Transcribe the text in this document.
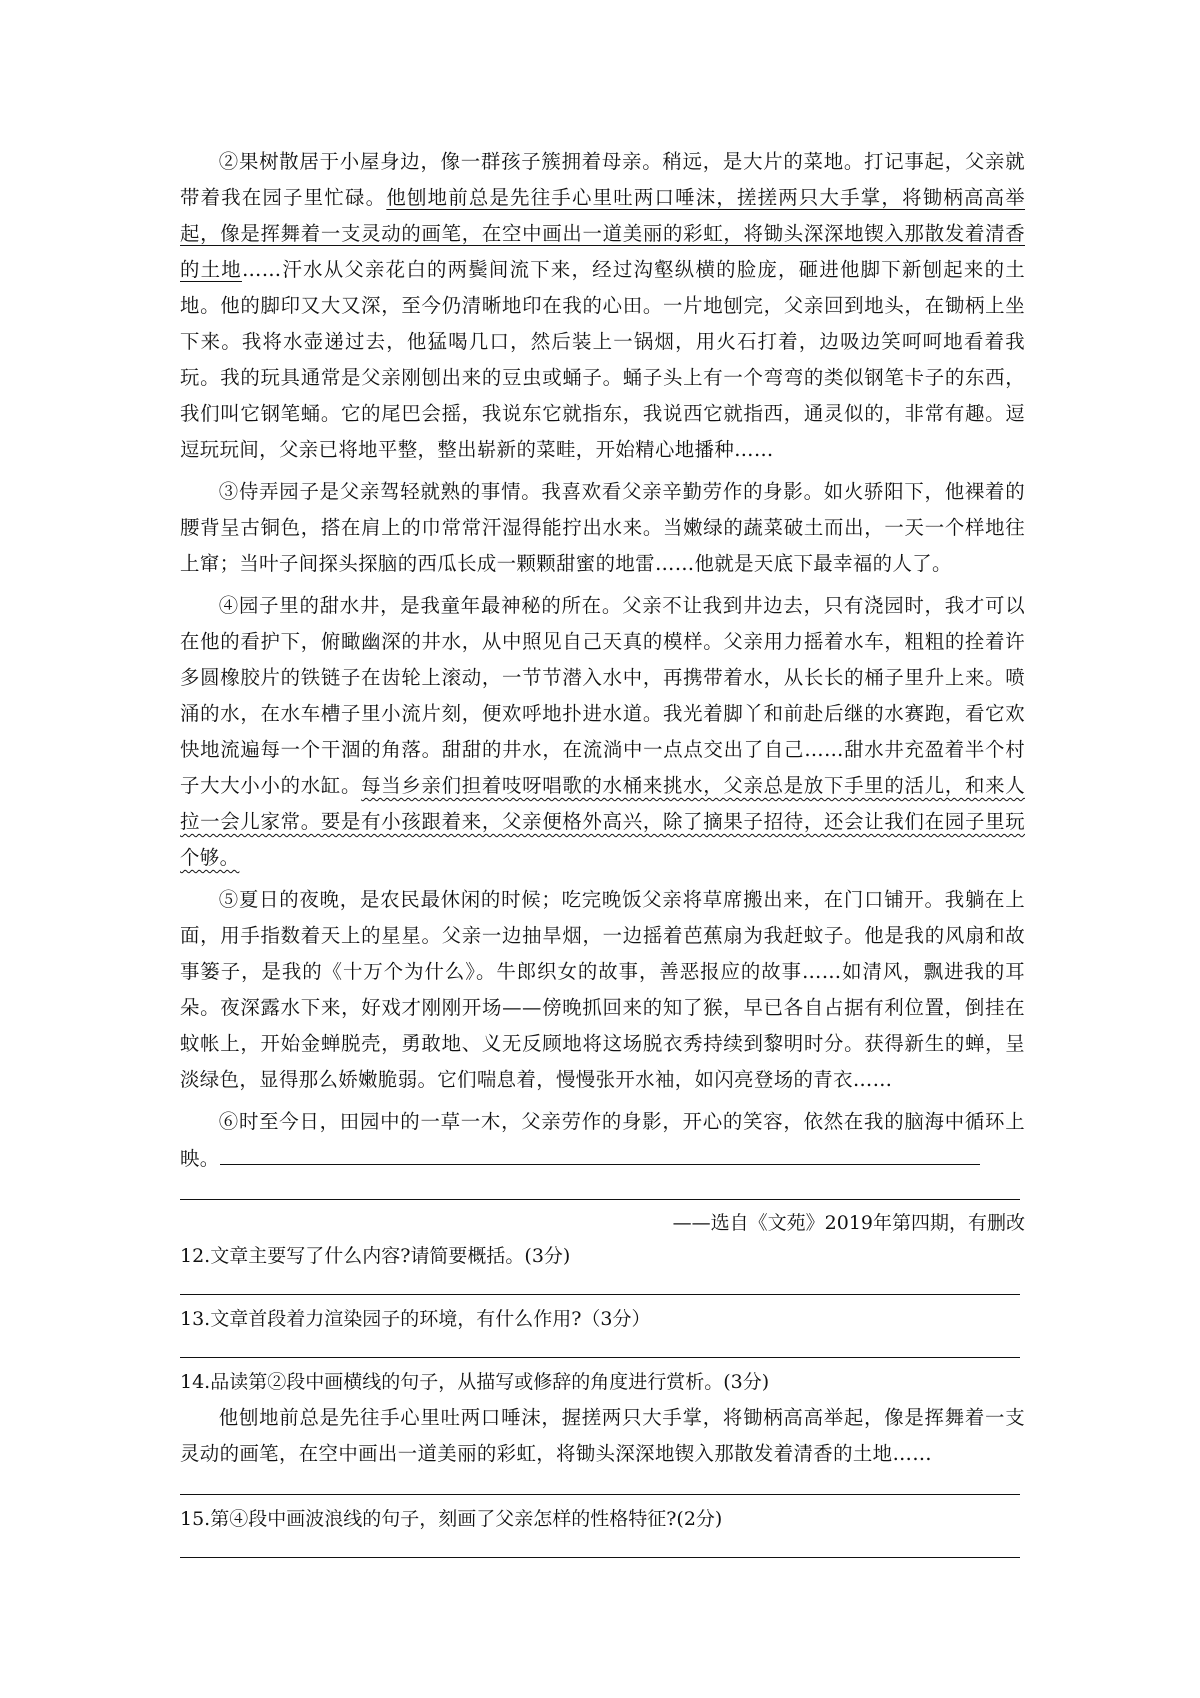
②果树散居于小屋身边，像一群孩子簇拥着母亲。稍远，是大片的菜地。打记事起，父亲就带着我在园子里忙碌。他刨地前总是先往手心里吐两口唾沫，搓搓两只大手掌，将锄柄高高举起，像是挥舞着一支灵动的画笔，在空中画出一道美丽的彩虹，将锄头深深地锲入那散发着清香的土地……汗水从父亲花白的两鬓间流下来，经过沟壑纵横的脸庞，砸进他脚下新刨起来的土地。他的脚印又大又深，至今仍清晰地印在我的心田。一片地刨完，父亲回到地头，在锄柄上坐下来。我将水壶递过去，他猛喝几口，然后装上一锅烟，用火石打着，边吸边笑呵呵地看着我玩。我的玩具通常是父亲刚刨出来的豆虫或蛹子。蛹子头上有一个弯弯的类似钢笔卡子的东西，我们叫它钢笔蛹。它的尾巴会摇，我说东它就指东，我说西它就指西，通灵似的，非常有趣。逗逗玩玩间，父亲已将地平整，整出崭新的菜畦，开始精心地播种……

③侍弄园子是父亲驾轻就熟的事情。我喜欢看父亲辛勤劳作的身影。如火骄阳下，他裸着的腰背呈古铜色，搭在肩上的巾常常汗湿得能拧出水来。当嫩绿的蔬菜破土而出，一天一个样地往上窜；当叶子间探头探脑的西瓜长成一颗颗甜蜜的地雷……他就是天底下最幸福的人了。

④园子里的甜水井，是我童年最神秘的所在。父亲不让我到井边去，只有浇园时，我才可以在他的看护下，俯瞰幽深的井水，从中照见自己天真的模样。父亲用力摇着水车，粗粗的拴着许多圆橡胶片的铁链子在齿轮上滚动，一节节潜入水中，再携带着水，从长长的桶子里升上来。喷涌的水，在水车槽子里小流片刻，便欢呼地扑进水道。我光着脚丫和前赴后继的水赛跑，看它欢快地流遍每一个干涸的角落。甜甜的井水，在流淌中一点点交出了自己……甜水井充盈着半个村子大大小小的水缸。每当乡亲们担着吱呀唱歌的水桶来挑水，父亲总是放下手里的活儿，和来人拉一会儿家常。要是有小孩跟着来，父亲便格外高兴，除了摘果子招待，还会让我们在园子里玩个够。

⑤夏日的夜晚，是农民最休闲的时候；吃完晚饭父亲将草席搬出来，在门口铺开。我躺在上面，用手指数着天上的星星。父亲一边抽旱烟，一边摇着芭蕉扇为我赶蚊子。他是我的风扇和故事篓子，是我的《十万个为什么》。牛郎织女的故事，善恶报应的故事……如清风，飘进我的耳朵。夜深露水下来，好戏才刚刚开场——傍晚抓回来的知了猴，早已各自占据有利位置，倒挂在蚊帐上，开始金蝉脱壳，勇敢地、义无反顾地将这场脱衣秀持续到黎明时分。获得新生的蝉，呈淡绿色，显得那么娇嫩脆弱。它们喘息着，慢慢张开水袖，如闪亮登场的青衣……

⑥时至今日，田园中的一草一木，父亲劳作的身影，开心的笑容，依然在我的脑海中循环上映。

——选自《文苑》2019年第四期，有删改
12.文章主要写了什么内容?请简要概括。(3分)
13.文章首段着力渲染园子的环境，有什么作用?（3分）
14.品读第②段中画横线的句子，从描写或修辞的角度进行赏析。(3分)
他刨地前总是先往手心里吐两口唾沫，握搓两只大手掌，将锄柄高高举起，像是挥舞着一支灵动的画笔，在空中画出一道美丽的彩虹，将锄头深深地锲入那散发着清香的土地……
15.第④段中画波浪线的句子，刻画了父亲怎样的性格特征?(2分)
